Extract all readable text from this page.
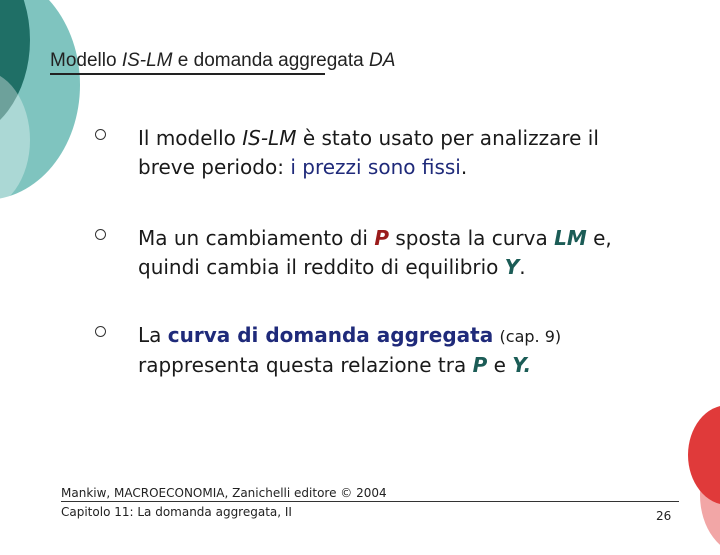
Modello IS-LM e domanda aggregata DA
Il modello IS-LM è stato usato per analizzare il breve periodo: i prezzi sono fissi.
Ma un cambiamento di P sposta la curva LM e, quindi cambia il reddito di equilibrio Y.
La curva di domanda aggregata (cap. 9) rappresenta questa relazione tra P e Y.
Mankiw, MACROECONOMIA, Zanichelli editore © 2004
Capitolo 11: La domanda aggregata, II	26
